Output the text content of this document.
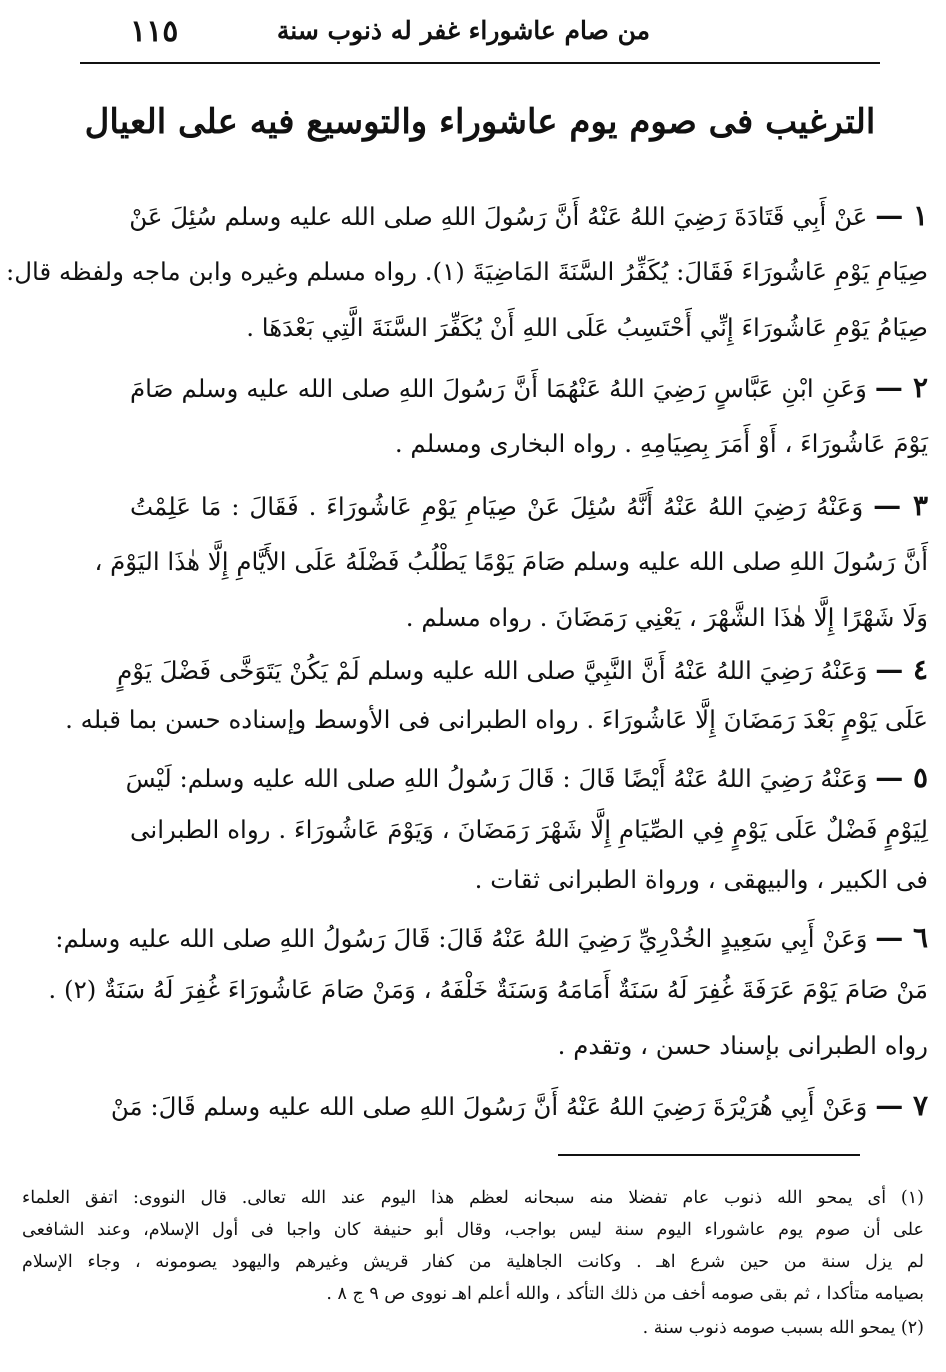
١١٥	من صام عاشوراء غفر له ذنوب سنة
الترغيب فى صوم يوم عاشوراء والتوسيع فيه على العيال
١ — عَنْ أَبِي قَتَادَةَ رَضِيَ اللهُ عَنْهُ أَنَّ رَسُولَ اللهِ صلى الله عليه وسلم سُئِلَ عَنْ
صِيَامِ يَوْمِ عَاشُورَاءَ فَقَالَ: يُكَفِّرُ السَّنَةَ المَاضِيَةَ (١). رواه مسلم وغيره وابن ماجه ولفظه قال:
صِيَامُ يَوْمِ عَاشُورَاءَ إِنِّي أَحْتَسِبُ عَلَى اللهِ أَنْ يُكَفِّرَ السَّنَةَ الَّتِي بَعْدَهَا .
٢ — وَعَنِ ابْنِ عَبَّاسٍ رَضِيَ اللهُ عَنْهُمَا أَنَّ رَسُولَ اللهِ صلى الله عليه وسلم صَامَ
يَوْمَ عَاشُورَاءَ ، أَوْ أَمَرَ بِصِيَامِهِ . رواه البخارى ومسلم .
٣ — وَعَنْهُ رَضِيَ اللهُ عَنْهُ أَنَّهُ سُئِلَ عَنْ صِيَامِ يَوْمِ عَاشُورَاءَ . فَقَالَ : مَا عَلِمْتُ
أَنَّ رَسُولَ اللهِ صلى الله عليه وسلم صَامَ يَوْمًا يَطْلُبُ فَضْلَهُ عَلَى الأَيَّامِ إِلَّا هٰذَا اليَوْمَ ،
وَلَا شَهْرًا إِلَّا هٰذَا الشَّهْرَ ، يَعْنِي رَمَضَانَ . رواه مسلم .
٤ — وَعَنْهُ رَضِيَ اللهُ عَنْهُ أَنَّ النَّبِيَّ صلى الله عليه وسلم لَمْ يَكُنْ يَتَوَخَّى فَضْلَ يَوْمٍ
عَلَى يَوْمٍ بَعْدَ رَمَضَانَ إِلَّا عَاشُورَاءَ . رواه الطبرانى فى الأوسط وإسناده حسن بما قبله .
٥ — وَعَنْهُ رَضِيَ اللهُ عَنْهُ أَيْضًا قَالَ : قَالَ رَسُولُ اللهِ صلى الله عليه وسلم: لَيْسَ
لِيَوْمٍ فَضْلٌ عَلَى يَوْمٍ فِي الصِّيَامِ إِلَّا شَهْرَ رَمَضَانَ ، وَيَوْمَ عَاشُورَاءَ . رواه الطبرانى
فى الكبير ، والبيهقى ، ورواة الطبرانى ثقات .
٦ — وَعَنْ أَبِي سَعِيدٍ الخُدْرِيِّ رَضِيَ اللهُ عَنْهُ قَالَ: قَالَ رَسُولُ اللهِ صلى الله عليه وسلم:
مَنْ صَامَ يَوْمَ عَرَفَةَ غُفِرَ لَهُ سَنَةٌ أَمَامَهُ وَسَنَةٌ خَلْفَهُ ، وَمَنْ صَامَ عَاشُورَاءَ غُفِرَ لَهُ سَنَةٌ (٢) .
رواه الطبرانى بإسناد حسن ، وتقدم .
٧ — وَعَنْ أَبِي هُرَيْرَةَ رَضِيَ اللهُ عَنْهُ أَنَّ رَسُولَ اللهِ صلى الله عليه وسلم قَالَ: مَنْ
(١) أى يمحو الله ذنوب عام تفضلا منه سبحانه لعظم هذا اليوم عند الله تعالى. قال النووى: اتفق العلماء
على أن صوم يوم عاشوراء اليوم سنة ليس بواجب، وقال أبو حنيفة كان واجبا فى أول الإسلام، وعند الشافعى
لم يزل سنة من حين شرع اهـ . وكانت الجاهلية من كفار قريش وغيرهم واليهود يصومونه ، وجاء الإسلام
بصيامه متأكدا ، ثم بقى صومه أخف من ذلك التأكد ، والله أعلم اهـ نووى ص ٩ ج ٨ .
(٢) يمحو الله بسبب صومه ذنوب سنة .
